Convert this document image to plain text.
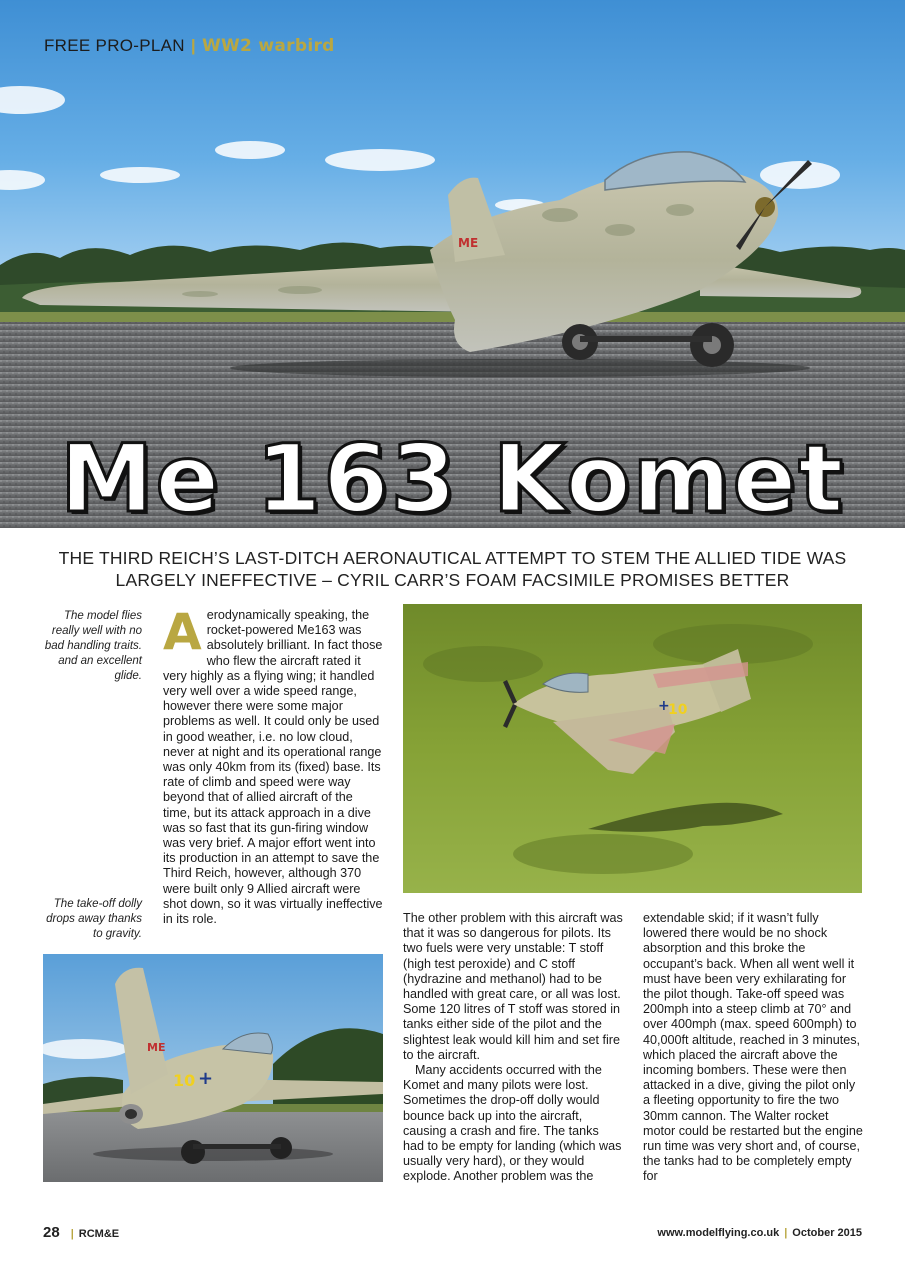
ME
FREE PRO-PLAN | WW2 warbird
Me 163 Komet
THE THIRD REICH’S LAST-DITCH AERONAUTICAL ATTEMPT TO STEM THE ALLIED TIDE WAS
LARGELY INEFFECTIVE – CYRIL CARR’S FOAM FACSIMILE PROMISES BETTER
The model flies really well with no bad handling traits. and an excellent glide.
The take-off dolly drops away thanks to gravity.

Aerodynamically speaking, the rocket-powered Me163 was absolutely brilliant. In fact those who flew the aircraft rated it very highly as a flying wing; it handled very well over a wide speed range, however there were some major problems as well. It could only be used in good weather, i.e. no low cloud, never at night and its operational range was only 40km from its (fixed) base. Its rate of climb and speed were way beyond that of allied aircraft of the time, but its attack approach in a dive was so fast that its gun-firing window was very brief. A major effort went into its production in an attempt to save the Third Reich, however, although 370 were built only 9 Allied aircraft were shot down, so it was virtually ineffective in its role.

10
+

The other problem with this aircraft was that it was so dangerous for pilots. Its two fuels were very unstable: T stoff (high test peroxide) and C stoff (hydrazine and methanol) had to be handled with great care, or all was lost. Some 120 litres of T stoff was stored in tanks either side of the pilot and the slightest leak would kill him and set fire to the aircraft.

Many accidents occurred with the Komet and many pilots were lost. Sometimes the drop-off dolly would bounce back up into the aircraft, causing a crash and fire. The tanks had to be empty for landing (which was usually very hard), or they would explode. Another problem was the

extendable skid; if it wasn’t fully lowered there would be no shock absorption and this broke the occupant’s back. When all went well it must have been very exhilarating for the pilot though. Take-off speed was 200mph into a steep climb at 70° and over 400mph (max. speed 600mph) to 40,000ft altitude, reached in 3 minutes, which placed the aircraft above the incoming bombers. These were then attacked in a dive, giving the pilot only a fleeting opportunity to fire the two 30mm cannon. The Walter rocket motor could be restarted but the engine run time was very short and, of course, the tanks had to be completely empty for

ME
10 +
28 | RCM&E	www.modelflying.co.uk | October 2015
